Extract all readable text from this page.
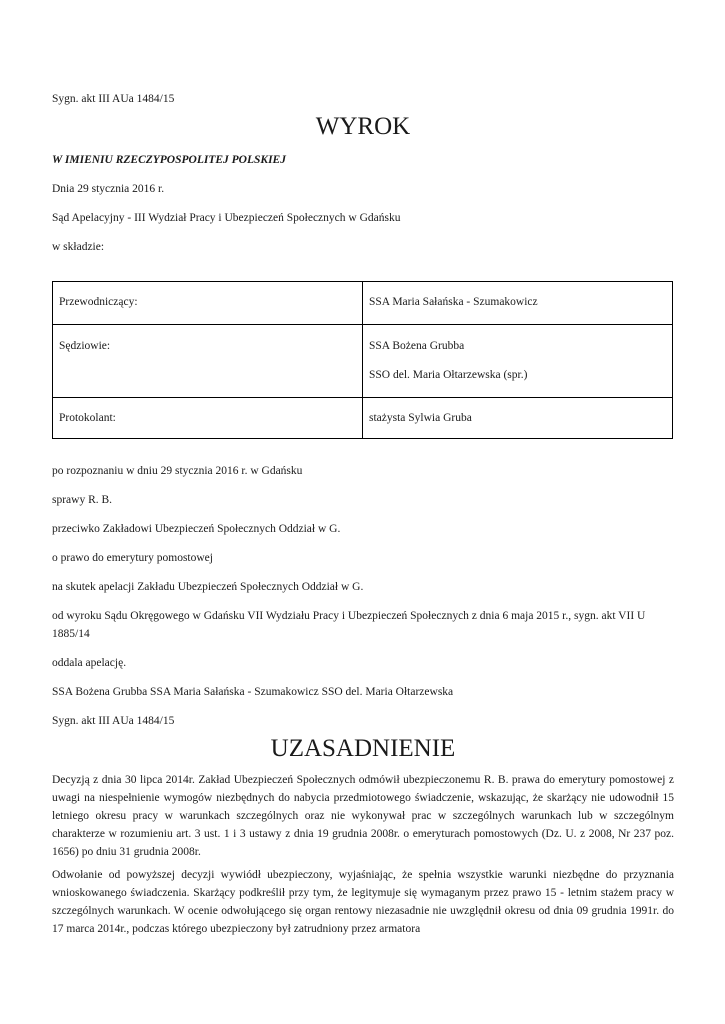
Sygn. akt III AUa 1484/15

WYROK

W IMIENIU RZECZYPOSPOLITEJ POLSKIEJ

Dnia 29 stycznia 2016 r.

Sąd Apelacyjny - III Wydział Pracy i Ubezpieczeń Społecznych w Gdańsku

w składzie:

Przewodniczący:	SSA Maria Sałańska - Szumakowicz

Sędziowie:	SSA Bożena Grubba
SSO del. Maria Ołtarzewska (spr.)

Protokolant:	stażysta Sylwia Gruba

po rozpoznaniu w dniu 29 stycznia 2016 r. w Gdańsku

sprawy R. B.

przeciwko Zakładowi Ubezpieczeń Społecznych Oddział w G.

o prawo do emerytury pomostowej

na skutek apelacji Zakładu Ubezpieczeń Społecznych Oddział w G.

od wyroku Sądu Okręgowego w Gdańsku VII Wydziału Pracy i Ubezpieczeń Społecznych z dnia 6 maja 2015 r., sygn. akt VII U 1885/14

oddala apelację.

SSA Bożena Grubba SSA Maria Sałańska - Szumakowicz SSO del. Maria Ołtarzewska

Sygn. akt III AUa 1484/15

UZASADNIENIE

Decyzją z dnia 30 lipca 2014r. Zakład Ubezpieczeń Społecznych odmówił ubezpieczonemu R. B. prawa do emerytury pomostowej z uwagi na niespełnienie wymogów niezbędnych do nabycia przedmiotowego świadczenie, wskazując, że skarżący nie udowodnił 15 letniego okresu pracy w warunkach szczególnych oraz nie wykonywał prac w szczególnych warunkach lub w szczególnym charakterze w rozumieniu art. 3 ust. 1 i 3 ustawy z dnia 19 grudnia 2008r. o emeryturach pomostowych (Dz. U. z 2008, Nr 237 poz. 1656) po dniu 31 grudnia 2008r.

Odwołanie od powyższej decyzji wywiódł ubezpieczony, wyjaśniając, że spełnia wszystkie warunki niezbędne do przyznania wnioskowanego świadczenia. Skarżący podkreślił przy tym, że legitymuje się wymaganym przez prawo 15 - letnim stażem pracy w szczególnych warunkach. W ocenie odwołującego się organ rentowy niezasadnie nie uwzględnił okresu od dnia 09 grudnia 1991r. do 17 marca 2014r., podczas którego ubezpieczony był zatrudniony przez armatora
